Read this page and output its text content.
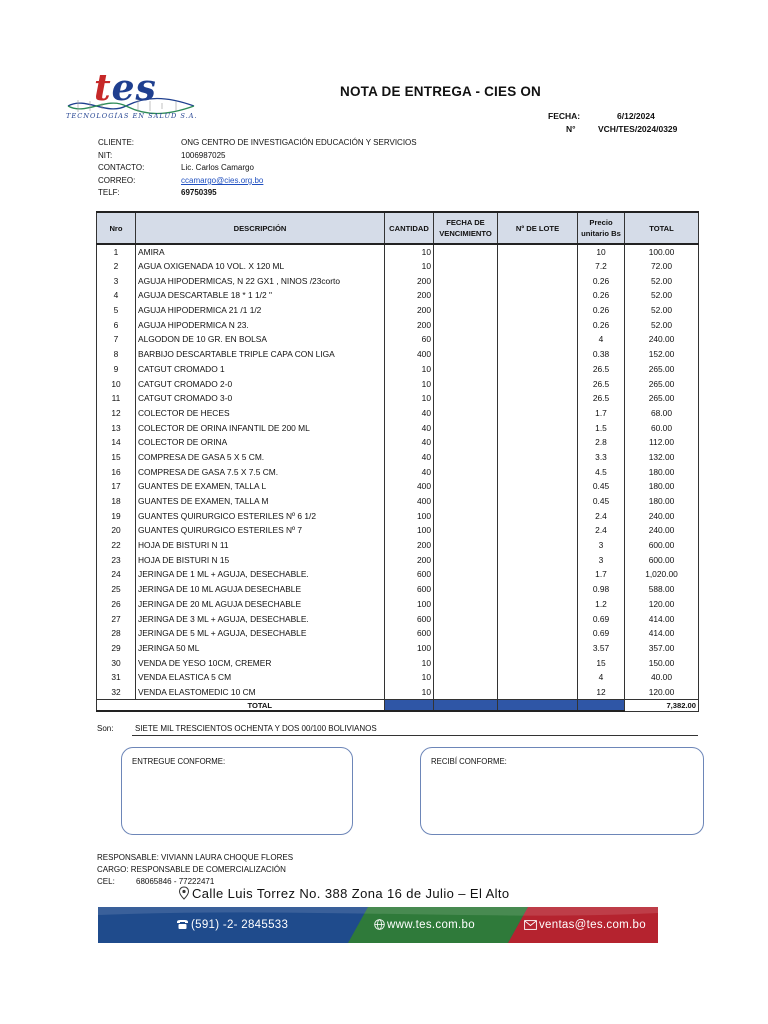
tes
TECNOLOGÍAS EN SALUD S.A.
NOTA DE ENTREGA - CIES ON
FECHA:	6/12/2024
N°	VCH/TES/2024/0329
CLIENTE:	ONG CENTRO DE INVESTIGACIÓN EDUCACIÓN Y SERVICIOS
NIT:	1006987025
CONTACTO:	Lic. Carlos Camargo
CORREO:	ccamargo@cies.org.bo
TELF:	69750395
Nro	DESCRIPCIÓN	CANTIDAD	FECHA DE VENCIMIENTO	Nº DE LOTE	Precio unitario Bs	TOTAL
1	AMIRA	10			10	100.00
2	AGUA OXIGENADA 10 VOL. X 120 ML	10			7.2	72.00
3	AGUJA HIPODERMICAS, N 22 GX1 , NINOS /23corto	200			0.26	52.00
4	AGUJA DESCARTABLE 18 * 1 1/2 "	200			0.26	52.00
5	AGUJA HIPODERMICA 21 /1 1/2	200			0.26	52.00
6	AGUJA HIPODERMICA N 23.	200			0.26	52.00
7	ALGODON DE 10 GR. EN BOLSA	60			4	240.00
8	BARBIJO DESCARTABLE TRIPLE CAPA CON LIGA	400			0.38	152.00
9	CATGUT CROMADO 1	10			26.5	265.00
10	CATGUT CROMADO 2-0	10			26.5	265.00
11	CATGUT CROMADO 3-0	10			26.5	265.00
12	COLECTOR DE HECES	40			1.7	68.00
13	COLECTOR DE ORINA INFANTIL DE 200 ML	40			1.5	60.00
14	COLECTOR DE ORINA	40			2.8	112.00
15	COMPRESA DE GASA 5 X 5 CM.	40			3.3	132.00
16	COMPRESA DE GASA 7.5 X 7.5 CM.	40			4.5	180.00
17	GUANTES DE EXAMEN, TALLA L	400			0.45	180.00
18	GUANTES DE EXAMEN, TALLA M	400			0.45	180.00
19	GUANTES QUIRURGICO ESTERILES Nº 6 1/2	100			2.4	240.00
20	GUANTES QUIRURGICO ESTERILES Nº 7	100			2.4	240.00
22	HOJA DE BISTURI N 11	200			3	600.00
23	HOJA DE BISTURI N 15	200			3	600.00
24	JERINGA DE 1 ML + AGUJA, DESECHABLE.	600			1.7	1,020.00
25	JERINGA DE 10 ML AGUJA DESECHABLE	600			0.98	588.00
26	JERINGA DE 20 ML AGUJA DESECHABLE	100			1.2	120.00
27	JERINGA DE 3 ML + AGUJA, DESECHABLE.	600			0.69	414.00
28	JERINGA DE 5 ML + AGUJA, DESECHABLE	600			0.69	414.00
29	JERINGA 50 ML	100			3.57	357.00
30	VENDA DE YESO 10CM, CREMER	10			15	150.00
31	VENDA ELASTICA 5 CM	10			4	40.00
32	VENDA ELASTOMEDIC 10 CM	10			12	120.00
	TOTAL					7,382.00
Son:	SIETE MIL TRESCIENTOS OCHENTA Y DOS 00/100 BOLIVIANOS
ENTREGUE CONFORME:	RECIBÍ CONFORME:
RESPONSABLE: VIVIANN LAURA CHOQUE FLORES
CARGO: RESPONSABLE DE COMERCIALIZACIÓN
CEL:	68065846 - 77222471
Calle Luis Torrez No. 388 Zona 16 de Julio – El Alto
(591) -2- 2845533	www.tes.com.bo	ventas@tes.com.bo
